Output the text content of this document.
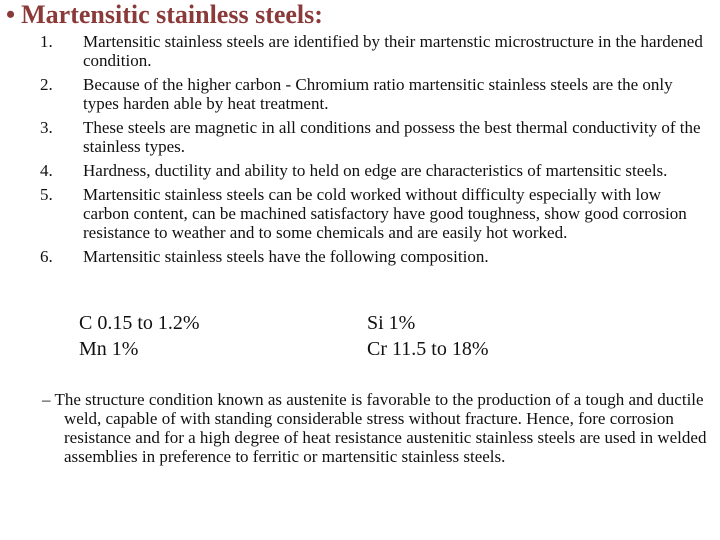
• Martensitic stainless steels:
1.	Martensitic stainless steels are identified by their martenstic microstructure in the hardened condition.
2.	Because of the higher carbon - Chromium ratio martensitic stainless steels are the only types harden able by heat treatment.
3.	These steels are magnetic in all conditions and possess the best thermal conductivity of the stainless types.
4.	Hardness, ductility and ability to held on edge are characteristics of martensitic steels.
5.	Martensitic stainless steels can be cold worked without difficulty especially with low carbon content, can be machined satisfactory have good toughness, show good corrosion resistance to weather and to some chemicals and are easily hot worked.
6.	Martensitic stainless steels have the following composition.
C 0.15 to 1.2%	Si 1%
Mn 1%	Cr 11.5 to 18%
– The structure condition known as austenite is favorable to the production of a tough and ductile weld, capable of with standing considerable stress without fracture. Hence, fore corrosion resistance and for a high degree of heat resistance austenitic stainless steels are used in welded assemblies in preference to ferritic or martensitic stainless steels.
